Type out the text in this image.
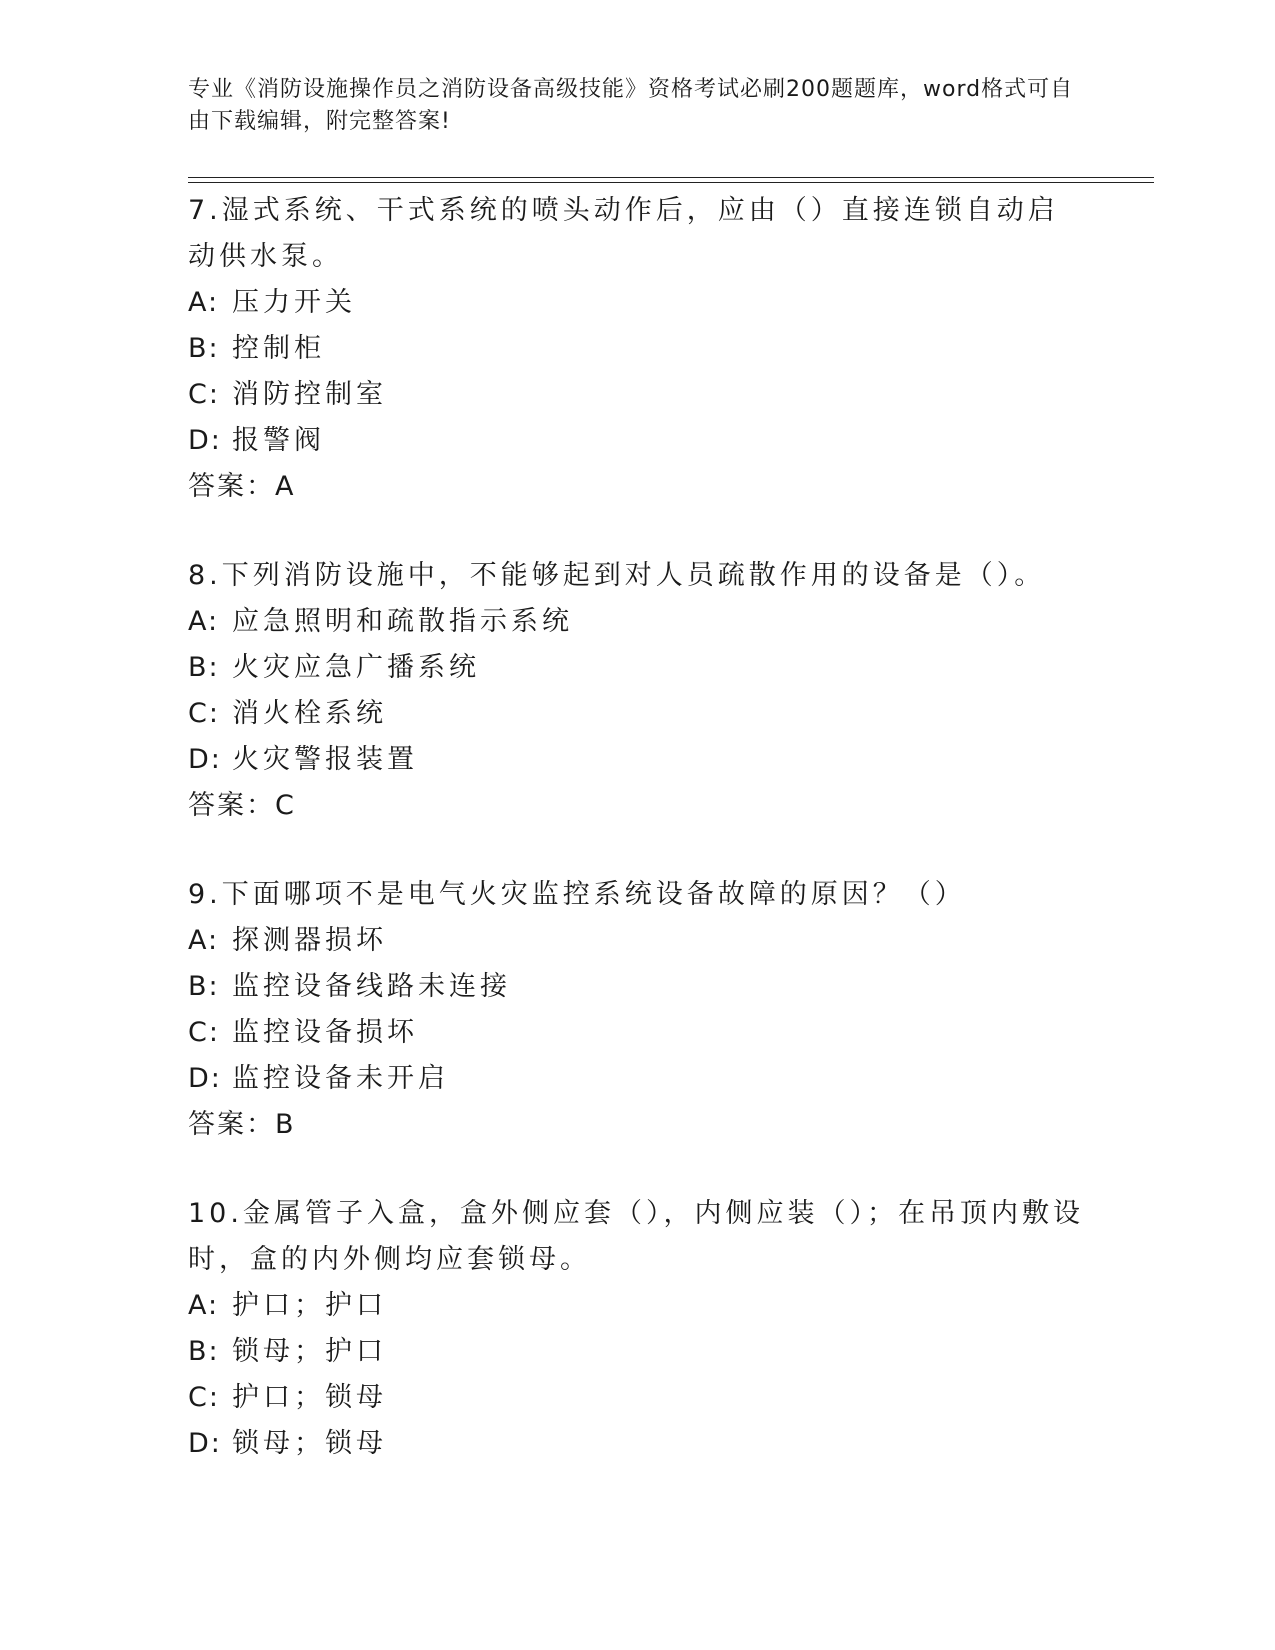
专业《消防设施操作员之消防设备高级技能》资格考试必刷200题题库，word格式可自由下载编辑，附完整答案!

7.湿式系统、干式系统的喷头动作后，应由（）直接连锁自动启动供水泵。

A: 压力开关
B: 控制柜
C: 消防控制室
D: 报警阀
答案：A

8.下列消防设施中，不能够起到对人员疏散作用的设备是（）。

A: 应急照明和疏散指示系统
B: 火灾应急广播系统
C: 消火栓系统
D: 火灾警报装置
答案：C

9.下面哪项不是电气火灾监控系统设备故障的原因？（）

A: 探测器损坏
B: 监控设备线路未连接
C: 监控设备损坏
D: 监控设备未开启
答案：B

10.金属管子入盒，盒外侧应套（），内侧应装（）；在吊顶内敷设时，盒的内外侧均应套锁母。

A: 护口；护口
B: 锁母；护口
C: 护口；锁母
D: 锁母；锁母
